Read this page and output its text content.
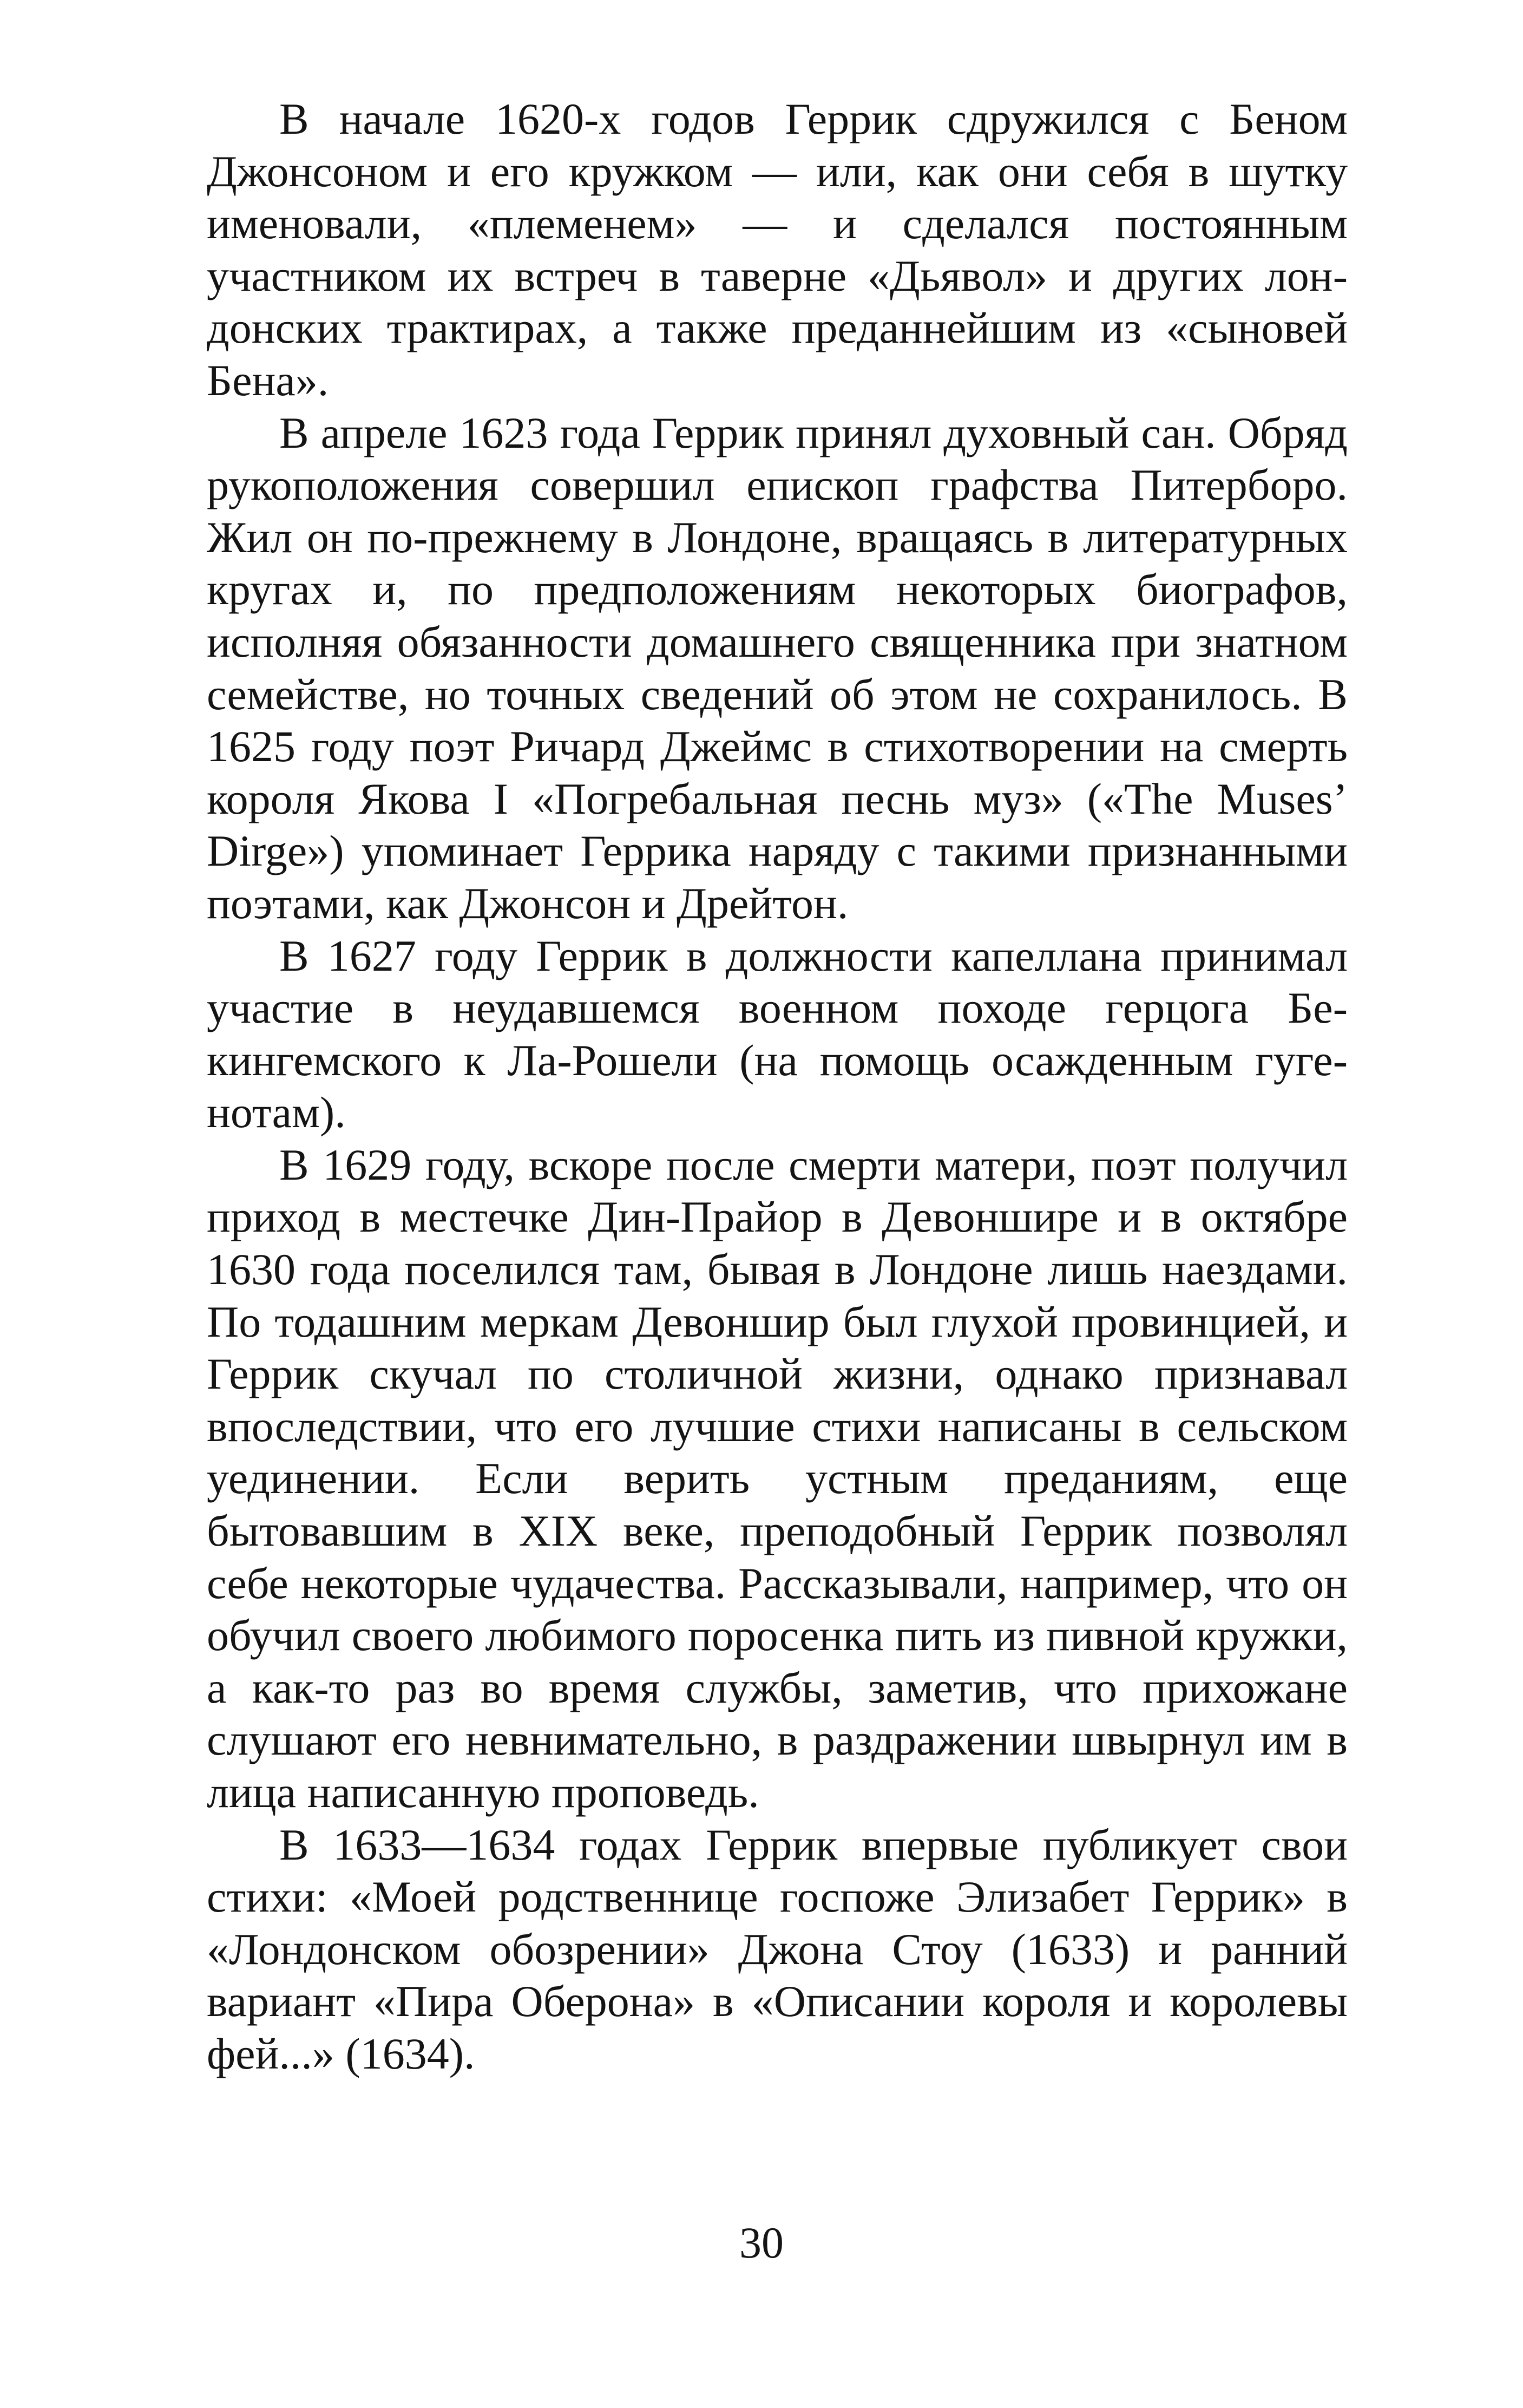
В начале 1620-х годов Геррик сдружился с Беном Джонсоном и его кружком — или, как они себя в шутку именовали, «племенем» — и сделался постоянным участником их встреч в таверне «Дьявол» и других лондонских трактирах, а также преданнейшим из «сыновей Бена».

В апреле 1623 года Геррик принял духовный сан. Обряд рукоположения совершил епископ графства Питерборо. Жил он по-прежнему в Лондоне, вращаясь в литературных кругах и, по предположениям некоторых биографов, исполняя обязанности домашнего священника при знатном семействе, но точных сведений об этом не сохранилось. В 1625 году поэт Ричард Джеймс в стихотворении на смерть короля Якова I «Погребальная песнь муз» («The Muses’ Dirge») упоминает Геррика наряду с такими признанными поэтами, как Джонсон и Дрейтон.

В 1627 году Геррик в должности капеллана принимал участие в неудавшемся военном походе герцога Бекингемского к Ла-Рошели (на помощь осажденным гугенотам).

В 1629 году, вскоре после смерти матери, поэт получил приход в местечке Дин-Прайор в Девоншире и в октябре 1630 года поселился там, бывая в Лондоне лишь наездами. По тодашним меркам Девоншир был глухой провинцией, и Геррик скучал по столичной жизни, однако признавал впоследствии, что его лучшие стихи написаны в сельском уединении. Если верить устным преданиям, еще бытовавшим в XIX веке, преподобный Геррик позволял себе некоторые чудачества. Рассказывали, например, что он обучил своего любимого поросенка пить из пивной кружки, а как-то раз во время службы, заметив, что прихожане слушают его невнимательно, в раздражении швырнул им в лица написанную проповедь.

В 1633—1634 годах Геррик впервые публикует свои стихи: «Моей родственнице госпоже Элизабет Геррик» в «Лондонском обозрении» Джона Стоу (1633) и ранний вариант «Пира Оберона» в «Описании короля и королевы фей...» (1634).

30
